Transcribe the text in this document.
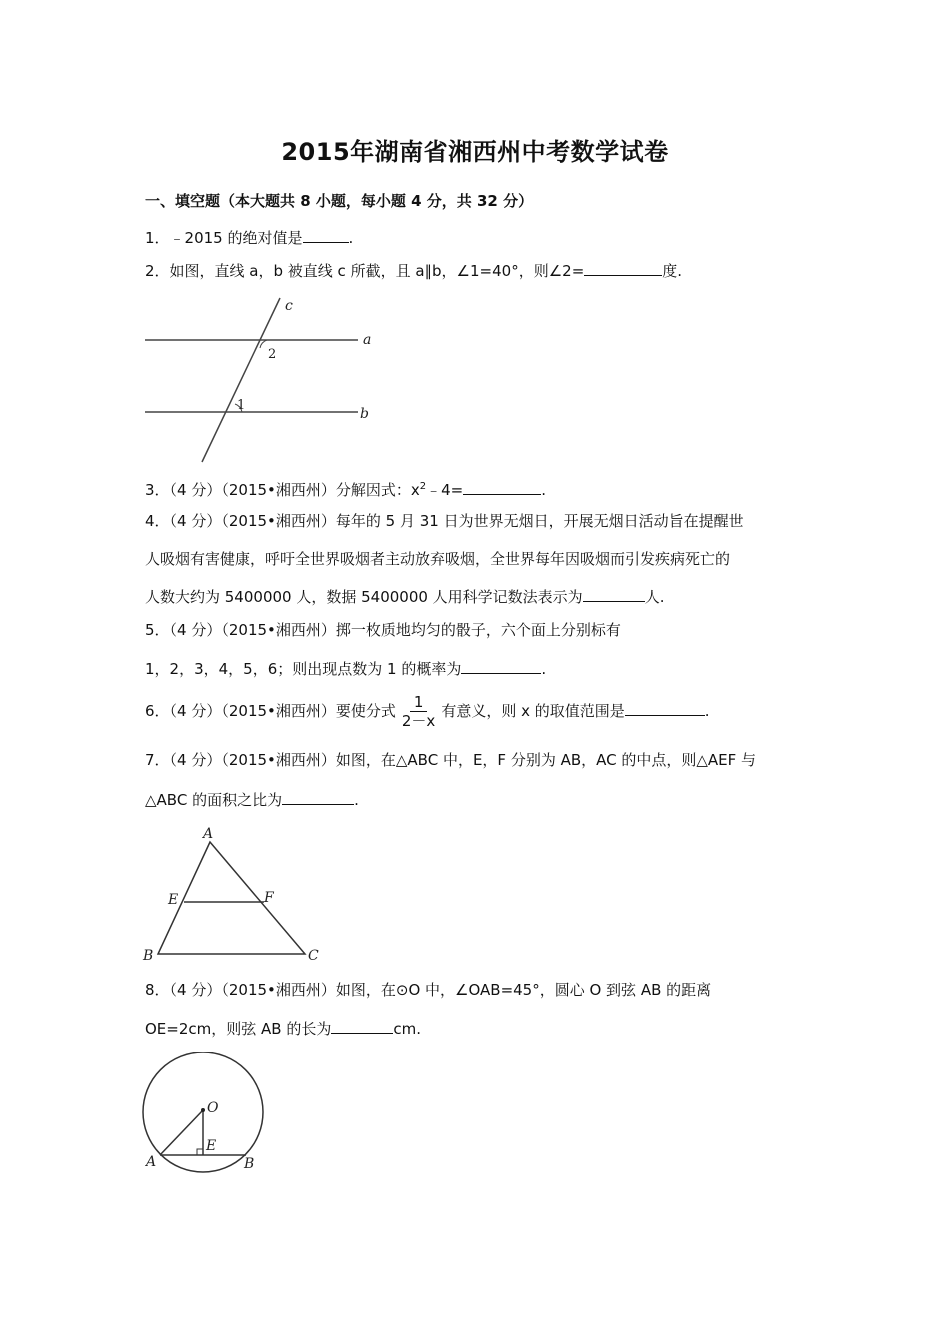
2015年湖南省湘西州中考数学试卷
一、填空题（本大题共 8 小题，每小题 4 分，共 32 分）
1．﹣2015 的绝对值是	.
2．如图，直线 a，b 被直线 c 所截，且 a∥b，∠1=40°，则∠2=	度.
c
a
b
1
2
3．（4 分）（2015•湘西州）分解因式：$x^2﹣4=$	.
4．（4 分）（2015•湘西州）每年的 5 月 31 日为世界无烟日，开展无烟日活动旨在提醒世
人吸烟有害健康，呼吁全世界吸烟者主动放弃吸烟，全世界每年因吸烟而引发疾病死亡的
人数大约为 5400000 人，数据 5400000 人用科学记数法表示为	人.
5．（4 分）（2015•湘西州）掷一枚质地均匀的骰子，六个面上分别标有
1，2，3，4，5，6；则出现点数为 1 的概率为	.
6．（4 分）（2015•湘西州）要使分式 $\frac{1}{2-x}$ 有意义，则 x 的取值范围是	.
7．（4 分）（2015•湘西州）如图，在△ABC 中，E，F 分别为 AB，AC 的中点，则△AEF 与
△ABC 的面积之比为	.
A
E	F
B	C
8．（4 分）（2015•湘西州）如图，在⊙O 中，∠OAB=45°，圆心 O 到弦 AB 的距离
OE=2cm，则弦 AB 的长为	cm.
O
E
A	B
